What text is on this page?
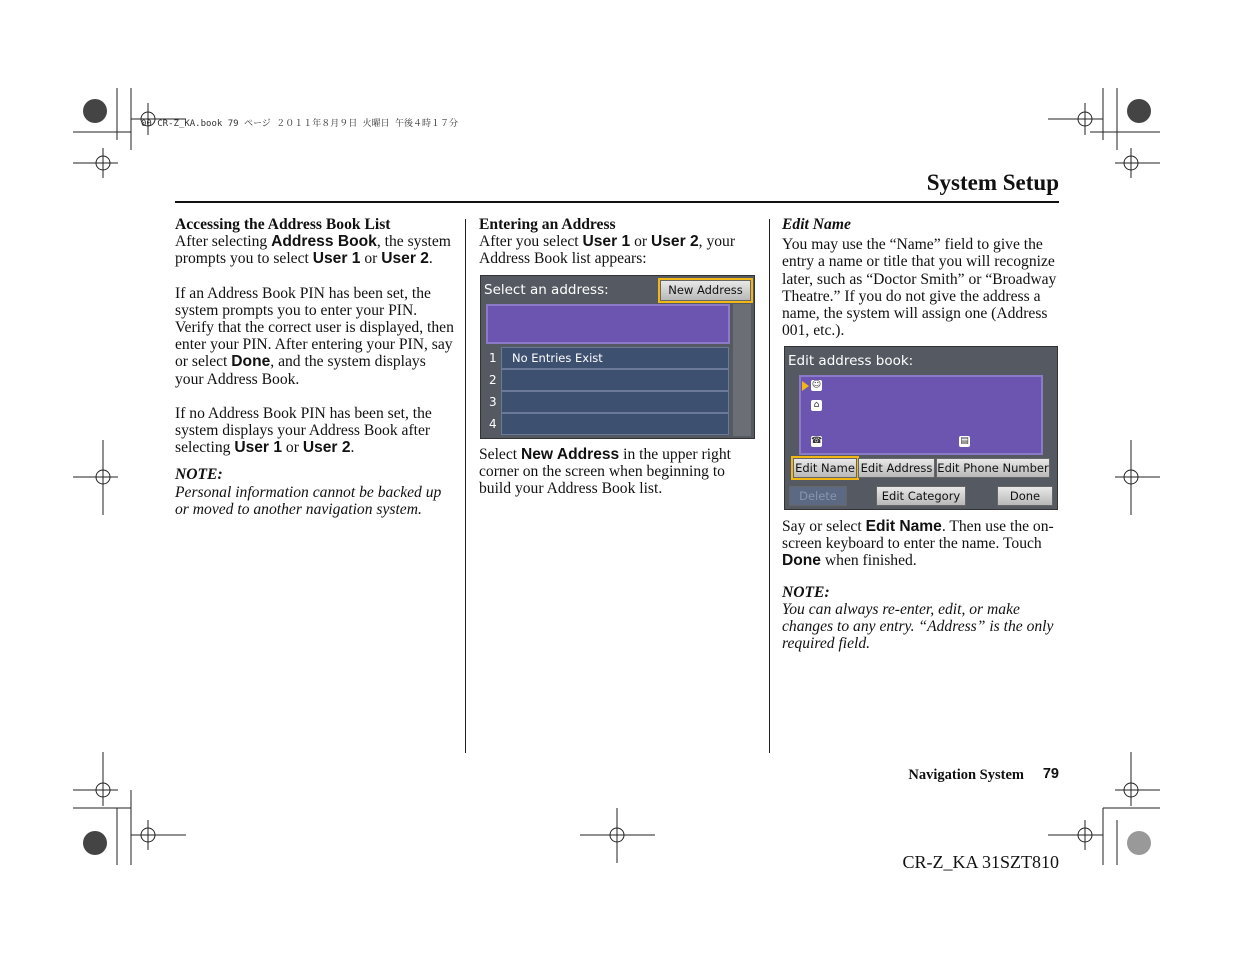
00 CR-Z_KA.book 79 ページ ２０１１年８月９日 火曜日 午後４時１７分
System Setup

Accessing the Address Book List

After selecting Address Book, the system prompts you to select User 1 or User 2.

If an Address Book PIN has been set, the system prompts you to enter your PIN. Verify that the correct user is displayed, then enter your PIN. After entering your PIN, say or select Done, and the system displays your Address Book.

If no Address Book PIN has been set, the system displays your Address Book after selecting User 1 or User 2.

NOTE:

Personal information cannot be backed up or moved to another navigation system.

Entering an Address

After you select User 1 or User 2, your Address Book list appears:

Select an address:	New Address
1
2
3
4
No Entries Exist

Select New Address in the upper right corner on the screen when beginning to build your Address Book list.

Edit Name

You may use the “Name” field to give the entry a name or title that you will recognize later, such as “Doctor Smith” or “Broadway Theatre.” If you do not give the address a name, the system will assign one (Address 001, etc.).

Edit address book:
☺
⌂
☎	▤
Edit Name Edit Address Edit Phone Number
Delete	Edit Category	Done

Say or select Edit Name. Then use the on-screen keyboard to enter the name. Touch Done when finished.

NOTE:

You can always re-enter, edit, or make changes to any entry. “Address” is the only required field.

Navigation System 79
CR-Z_KA 31SZT810
